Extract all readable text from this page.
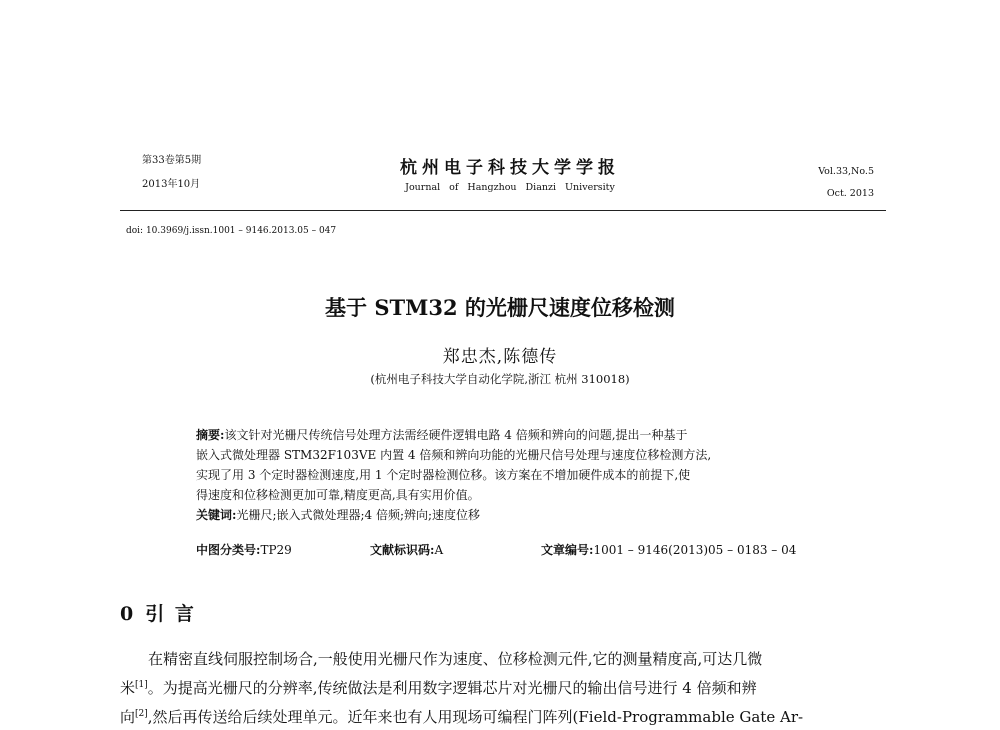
第33卷第5期
2013年10月
杭州电子科技大学学报
Journal of Hangzhou Dianzi University
Vol.33,No.5
Oct. 2013
doi: 10.3969/j.issn.1001 – 9146.2013.05 – 047
基于 STM32 的光栅尺速度位移检测
郑忠杰,陈德传
(杭州电子科技大学自动化学院,浙江 杭州 310018)
摘要:该文针对光栅尺传统信号处理方法需经硬件逻辑电路 4 倍频和辨向的问题,提出一种基于
嵌入式微处理器 STM32F103VE 内置 4 倍频和辨向功能的光栅尺信号处理与速度位移检测方法,
实现了用 3 个定时器检测速度,用 1 个定时器检测位移。该方案在不增加硬件成本的前提下,使
得速度和位移检测更加可靠,精度更高,具有实用价值。
关键词:光栅尺;嵌入式微处理器;4 倍频;辨向;速度位移
中图分类号:TP29	文献标识码:A	文章编号:1001 – 9146(2013)05 – 0183 – 04
0 引 言
在精密直线伺服控制场合,一般使用光栅尺作为速度、位移检测元件,它的测量精度高,可达几微
米[1]。为提高光栅尺的分辨率,传统做法是利用数字逻辑芯片对光栅尺的输出信号进行 4 倍频和辨
向[2],然后再传送给后续处理单元。近年来也有人用现场可编程门阵列(Field-Programmable Gate Ar-
